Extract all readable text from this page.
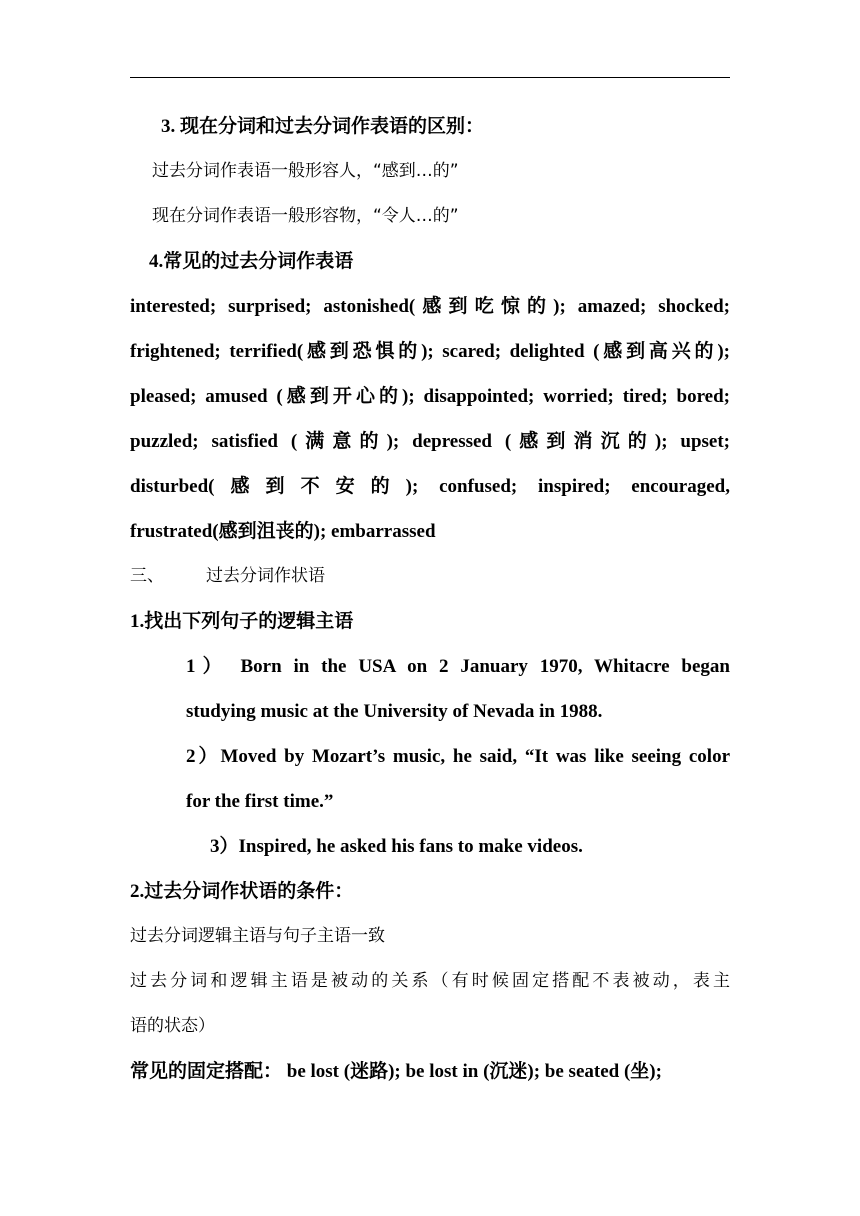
3. 现在分词和过去分词作表语的区别：
过去分词作表语一般形容人，“感到…的”
现在分词作表语一般形容物，“令人…的”
4.常见的过去分词作表语
interested; surprised; astonished(感到吃惊的); amazed; shocked;
frightened; terrified(感到恐惧的); scared; delighted (感到高兴的);
pleased; amused (感到开心的); disappointed; worried; tired; bored;
puzzled; satisfied (满意的); depressed (感到消沉的); upset;
disturbed(感到不安的); confused; inspired; encouraged,
frustrated(感到沮丧的); embarrassed
三、 过去分词作状语
1.找出下列句子的逻辑主语
1） Born in the USA on 2 January 1970, Whitacre began
studying music at the University of Nevada in 1988.
2）Moved by Mozart’s music, he said, “It was like seeing color
for the first time.”
3）Inspired, he asked his fans to make videos.
2.过去分词作状语的条件：
过去分词逻辑主语与句子主语一致
过去分词和逻辑主语是被动的关系（有时候固定搭配不表被动，表主
语的状态）
常见的固定搭配： be lost (迷路); be lost in (沉迷); be seated (坐);
